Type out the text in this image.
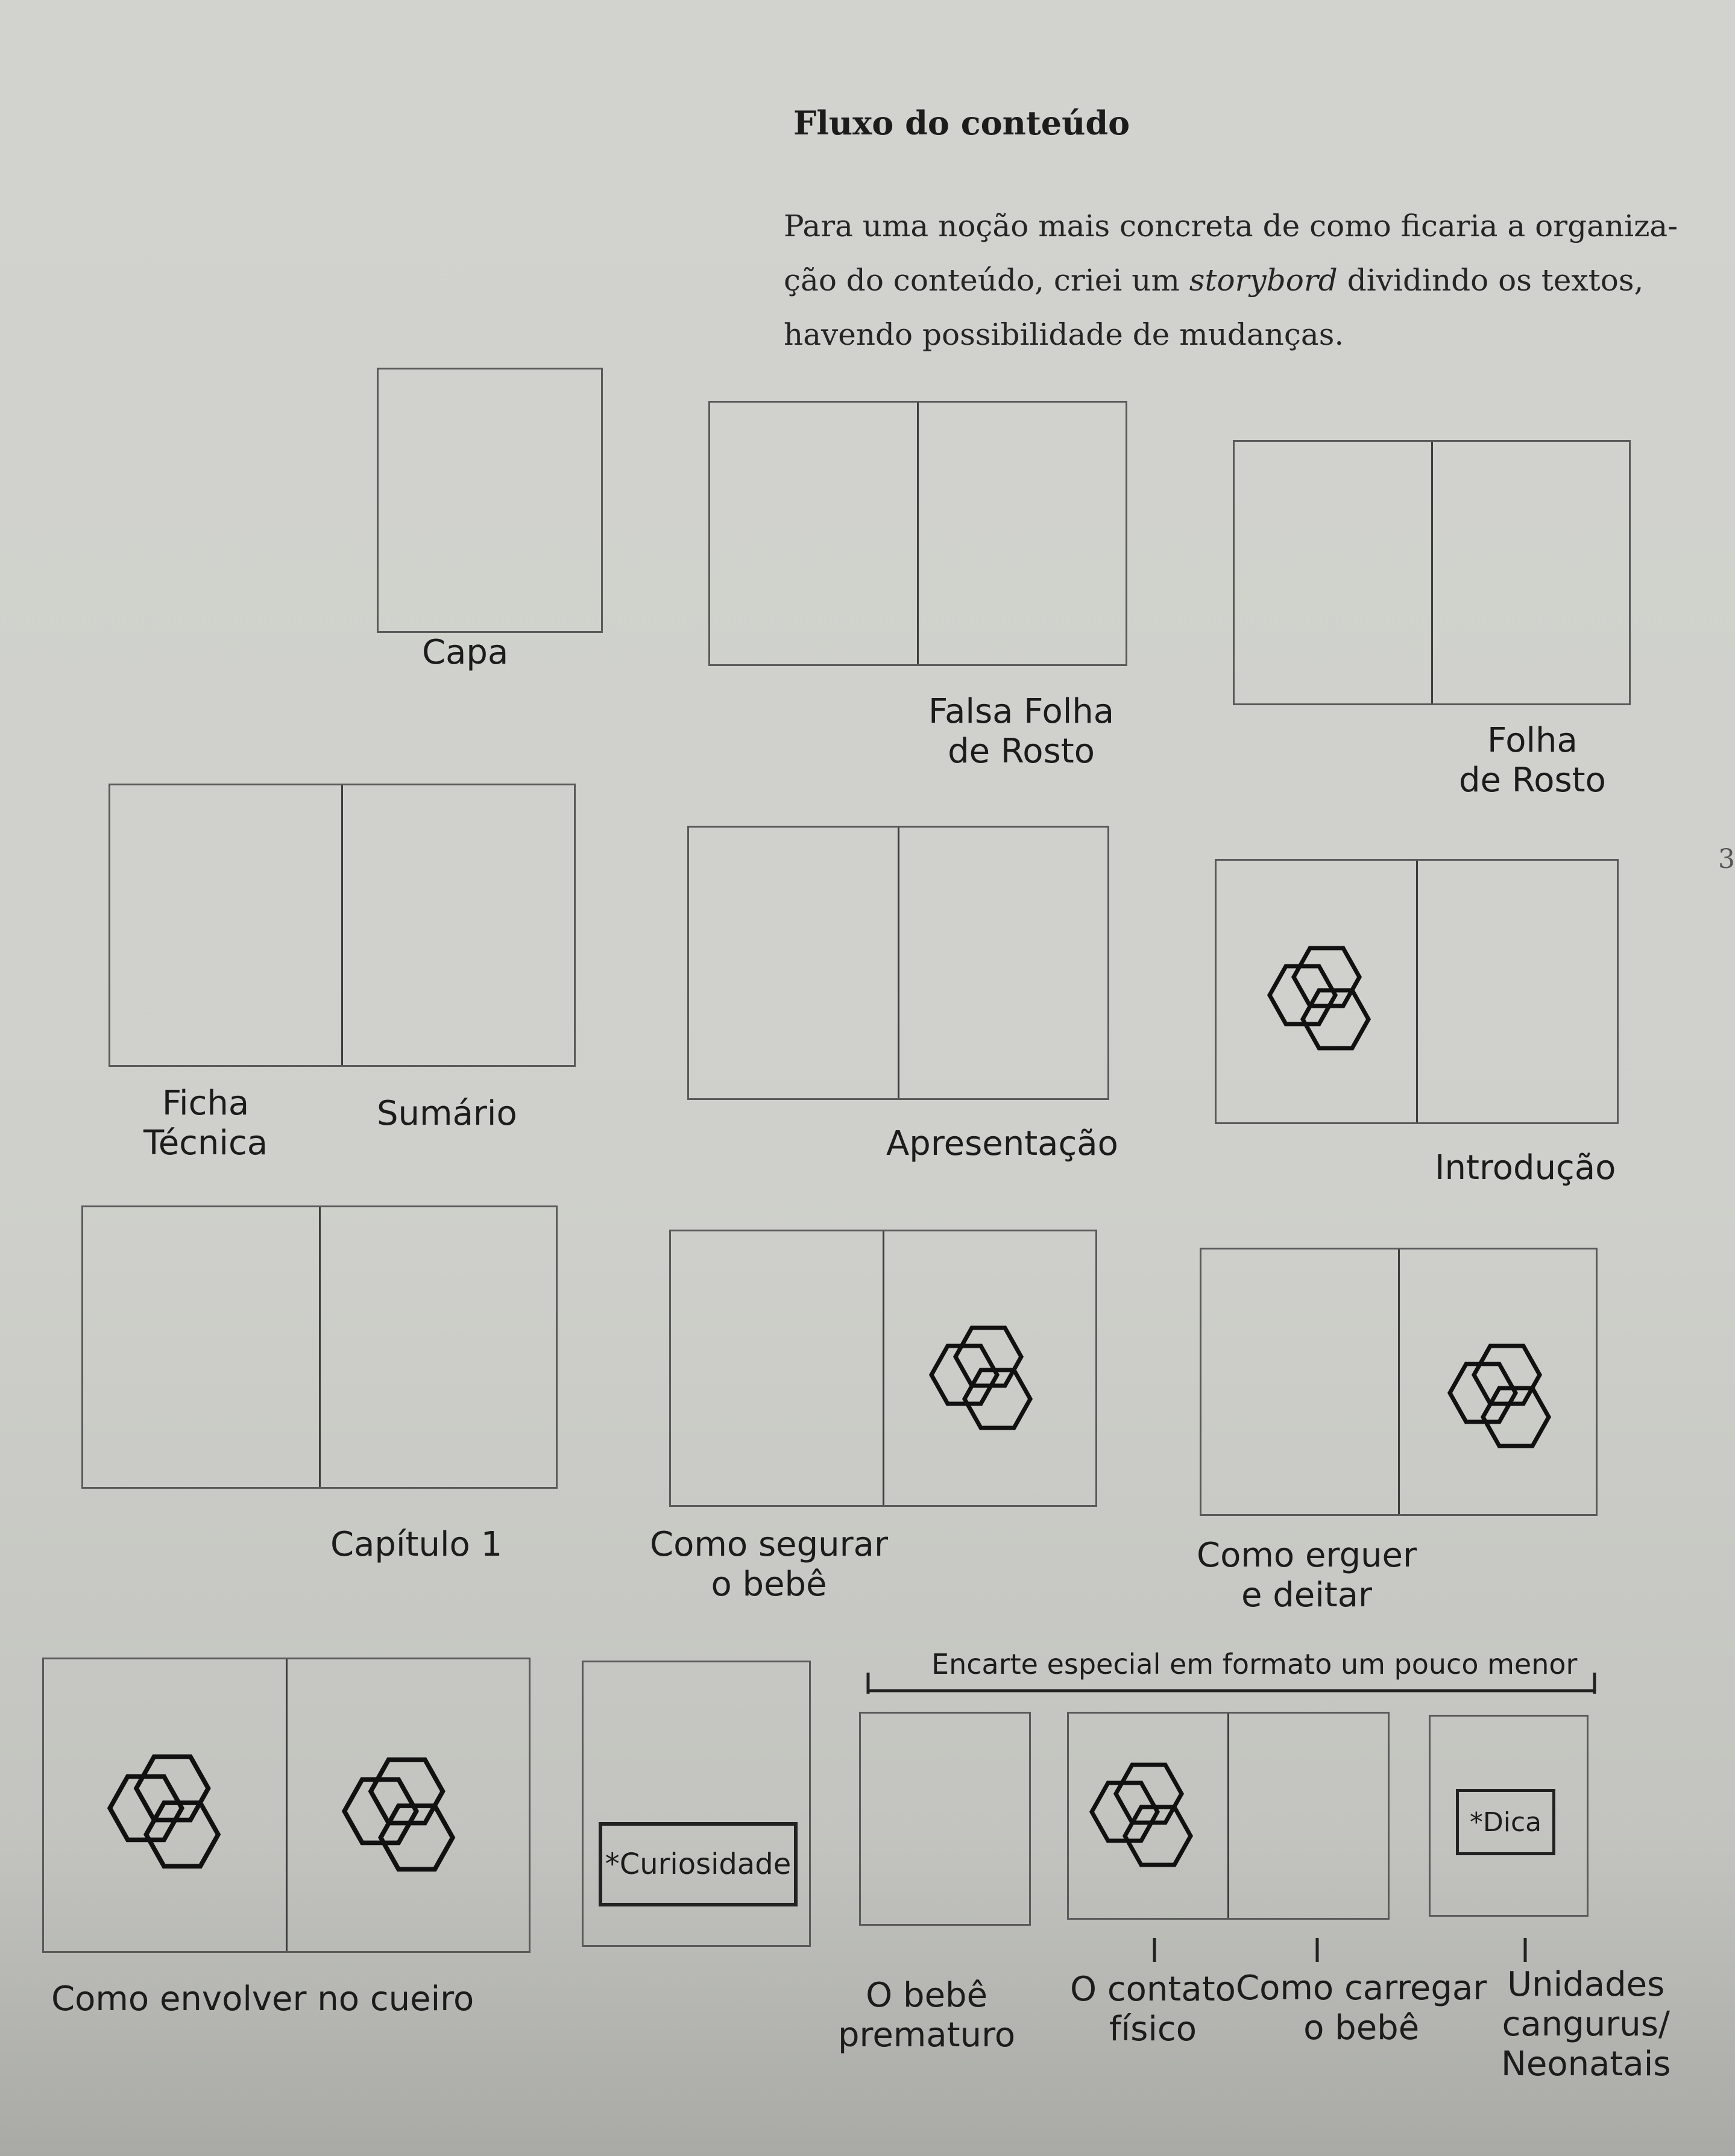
Fluxo do conteúdo

Para uma noção mais concreta de como ficaria a organiza-

ção do conteúdo, criei um storybord dividindo os textos,

havendo possibilidade de mudanças.

3
Capa
Falsa Folha
de Rosto	Folha
de Rosto
Ficha
Técnica
Sumário
Apresentação
Introdução
Capítulo 1	Como segurar
o bebê
Como erguer
e deitar
Como envolver no cueiro
*Curiosidade
Encarte especial em formato um pouco menor
*Dica
O bebê
prematuro
O contato
físico
Como carregar
o bebê
Unidades
cangurus/
Neonatais
